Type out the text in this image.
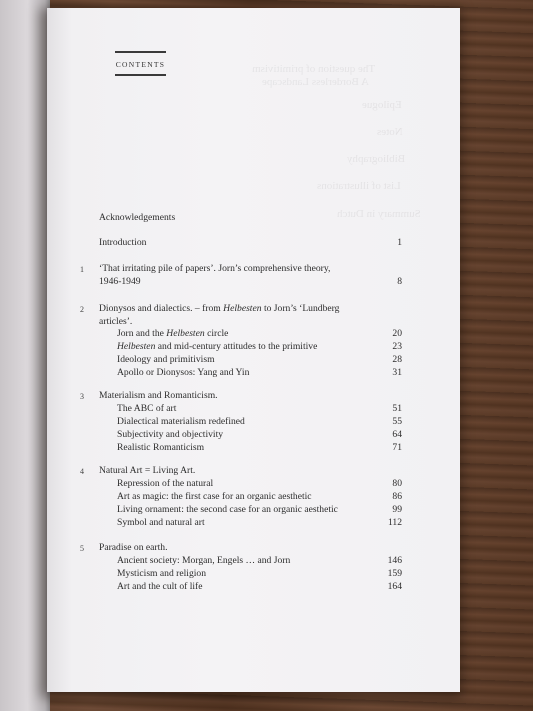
The question of primitivism
A Borderless Landscape
Epilogue
Notes
Bibliography
List of illustrations
Summary in Dutch
CONTENTS
Acknowledgements
Introduction	1
1 ‘That irritating pile of papers’. Jorn’s comprehensive theory,
1946-1949	8
2 Dionysos and dialectics. – from Helbesten to Jorn’s ‘Lundberg
articles’.
Jorn and the Helbesten circle	20
Helbesten and mid-century attitudes to the primitive	23
Ideology and primitivism	28
Apollo or Dionysos: Yang and Yin	31
3 Materialism and Romanticism.
The ABC of art	51
Dialectical materialism redefined	55
Subjectivity and objectivity	64
Realistic Romanticism	71
4 Natural Art = Living Art.
Repression of the natural	80
Art as magic: the first case for an organic aesthetic	86
Living ornament: the second case for an organic aesthetic	99
Symbol and natural art	112
5 Paradise on earth.
Ancient society: Morgan, Engels … and Jorn	146
Mysticism and religion	159
Art and the cult of life	164
